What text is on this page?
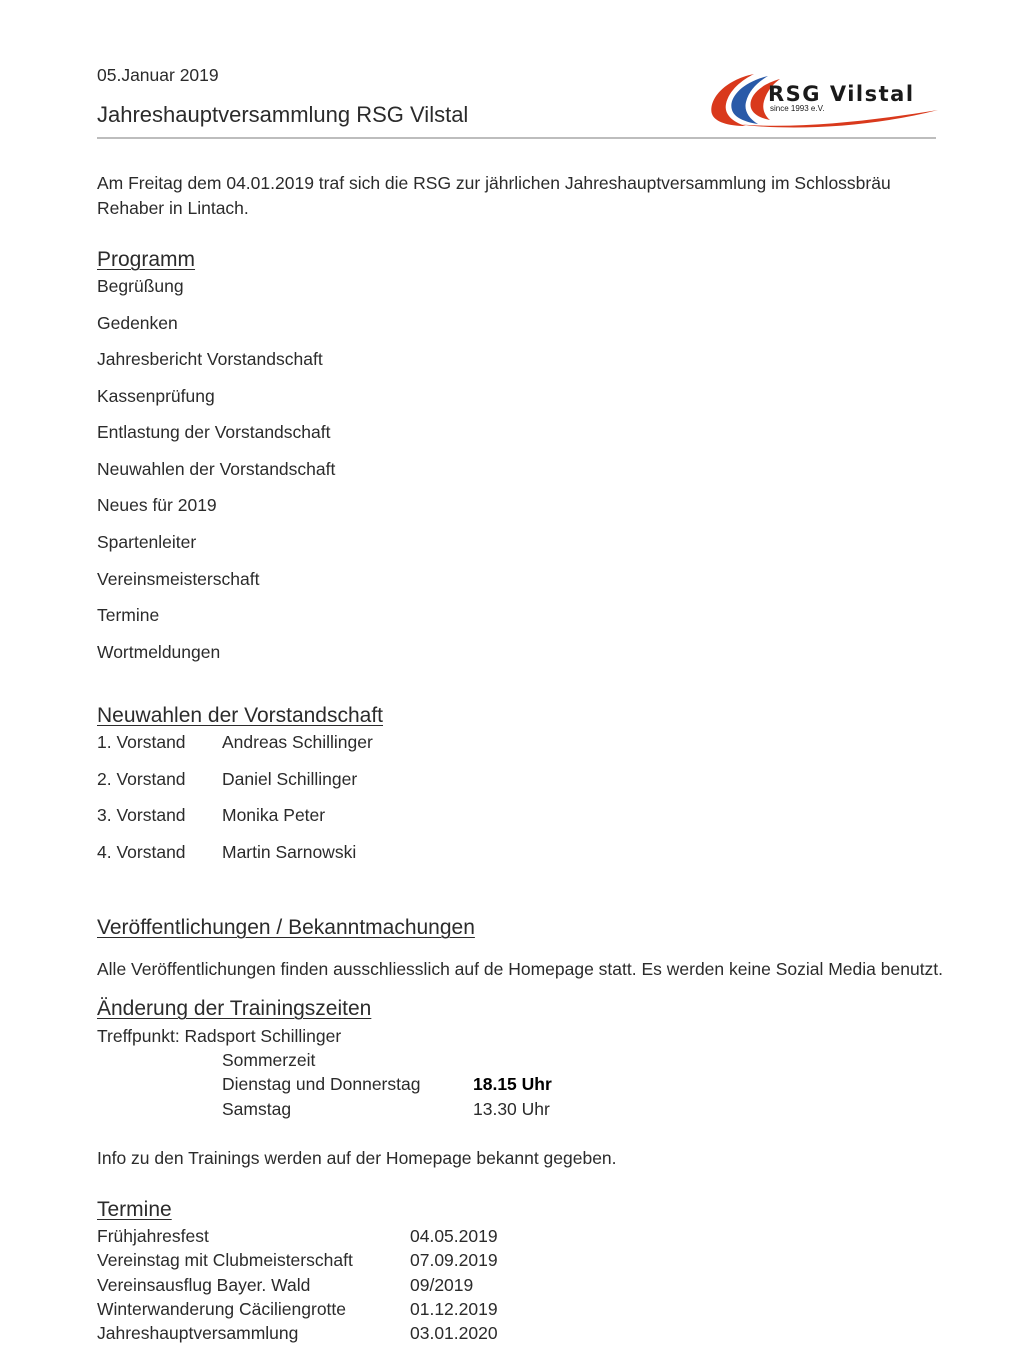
05.Januar 2019
Jahreshauptversammlung RSG Vilstal
RSG Vilstal
since 1993 e.V.
Am Freitag dem 04.01.2019 traf sich die RSG zur jährlichen Jahreshauptversammlung im Schlossbräu Rehaber in Lintach.
Programm
Begrüßung
Gedenken
Jahresbericht Vorstandschaft
Kassenprüfung
Entlastung der Vorstandschaft
Neuwahlen der Vorstandschaft
Neues für 2019
Spartenleiter
Vereinsmeisterschaft
Termine
Wortmeldungen
Neuwahlen der Vorstandschaft
1. Vorstand Andreas Schillinger
2. Vorstand Daniel Schillinger
3. Vorstand Monika Peter
4. Vorstand Martin Sarnowski
Veröffentlichungen / Bekanntmachungen
Alle Veröffentlichungen finden ausschliesslich auf de Homepage statt. Es werden keine Sozial Media benutzt.
Änderung der Trainingszeiten
Treffpunkt: Radsport Schillinger
Sommerzeit
Dienstag und Donnerstag	18.15 Uhr
Samstag	13.30 Uhr
Info zu den Trainings werden auf der Homepage bekannt gegeben.
Termine
Frühjahresfest	04.05.2019
Vereinstag mit Clubmeisterschaft	07.09.2019
Vereinsausflug Bayer. Wald	09/2019
Winterwanderung Cäciliengrotte	01.12.2019
Jahreshauptversammlung	03.01.2020
